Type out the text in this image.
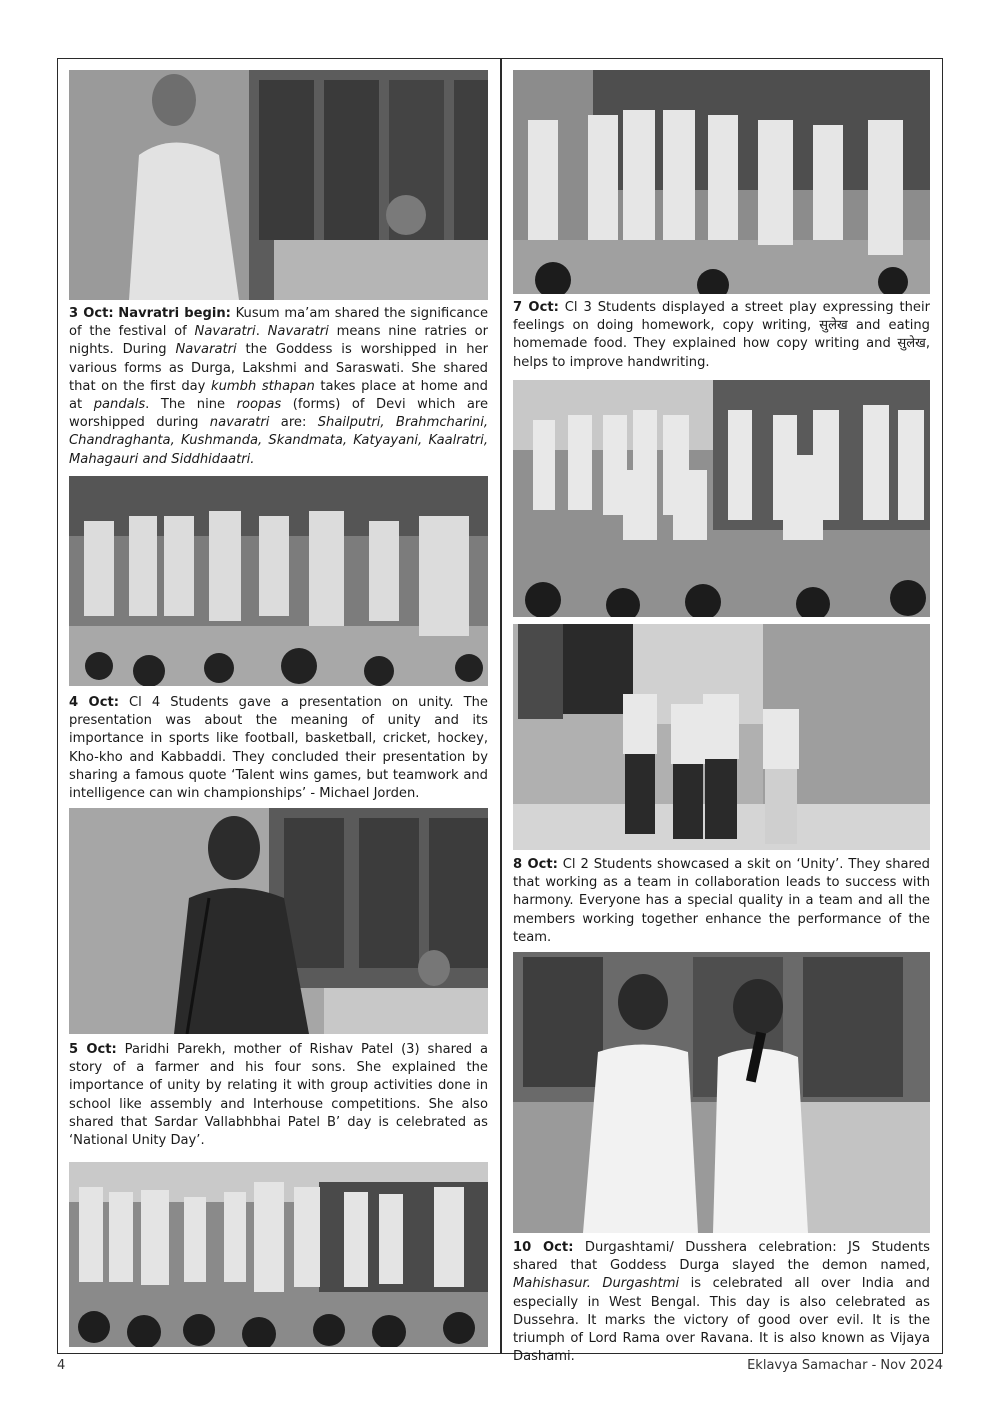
3 Oct: Navratri begin: Kusum ma’am shared the significance of the festival of Navaratri. Navaratri means nine ratries or nights. During Navaratri the Goddess is worshipped in her various forms as Durga, Lakshmi and Saraswati. She shared that on the first day kumbh sthapan takes place at home and at pandals. The nine roopas (forms) of Devi which are worshipped during navaratri are: Shailputri, Brahmcharini, Chandraghanta, Kushmanda, Skandmata, Katyayani, Kaalratri, Mahagauri and Siddhidaatri.
4 Oct: Cl 4 Students gave a presentation on unity. The presentation was about the meaning of unity and its importance in sports like football, basketball, cricket, hockey, Kho-kho and Kabbaddi. They concluded their presentation by sharing a famous quote ‘Talent wins games, but teamwork and intelligence can win championships’ - Michael Jorden.
5 Oct: Paridhi Parekh, mother of Rishav Patel (3) shared a story of a farmer and his four sons. She explained the importance of unity by relating it with group activities done in school like assembly and Interhouse competitions. She also shared that Sardar Vallabhbhai Patel B’ day is celebrated as ‘National Unity Day’.
7 Oct: Cl 3 Students displayed a street play expressing their feelings on doing homework, copy writing, सुलेख and eating homemade food. They explained how copy writing and सुलेख, helps to improve handwriting.
8 Oct: Cl 2 Students showcased a skit on ‘Unity’. They shared that working as a team in collaboration leads to success with harmony. Everyone has a special quality in a team and all the members working together enhance the performance of the team.
10 Oct: Durgashtami/ Dusshera celebration: JS Students shared that Goddess Durga slayed the demon named, Mahishasur. Durgashtmi is celebrated all over India and especially in West Bengal. This day is also celebrated as Dussehra. It marks the victory of good over evil. It is the triumph of Lord Rama over Ravana. It is also known as Vijaya Dashami.
4	Eklavya Samachar - Nov 2024
